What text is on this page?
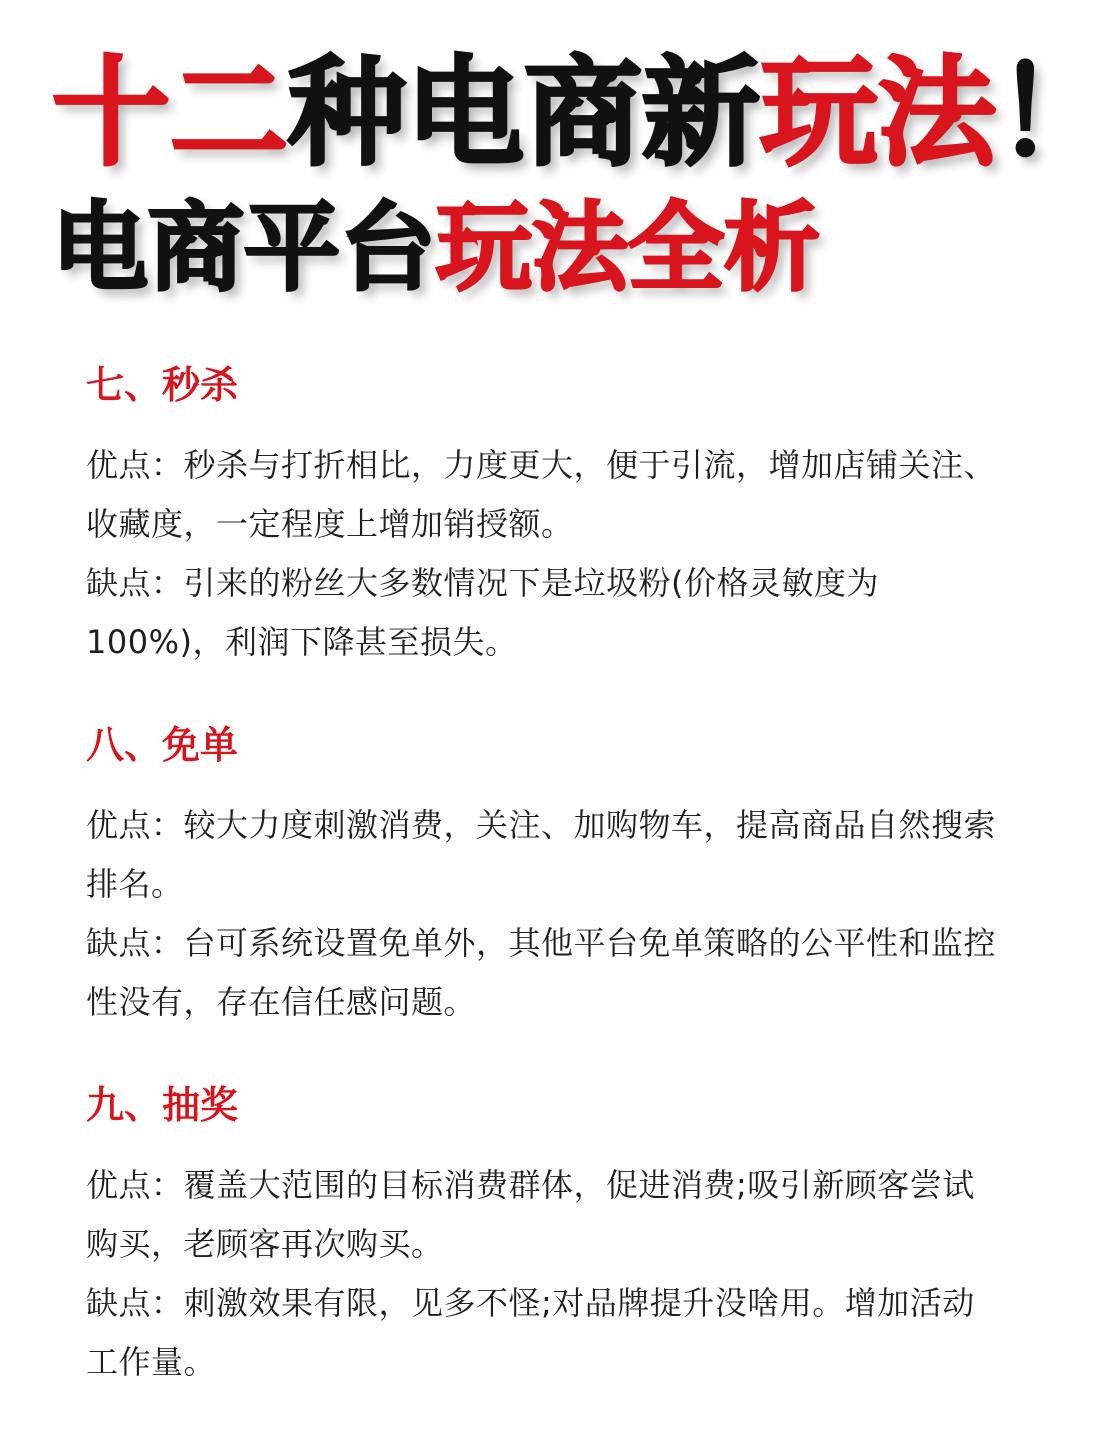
十二种电商新玩法！
电商平台玩法全析
七、秒杀

优点：秒杀与打折相比，力度更大，便于引流，增加店铺关注、收藏度，一定程度上增加销授额。

缺点：引来的粉丝大多数情况下是垃圾粉(价格灵敏度为100%)，利润下降甚至损失。

八、免单

优点：较大力度刺激消费，关注、加购物车，提高商品自然搜索排名。

缺点：台可系统设置免单外，其他平台免单策略的公平性和监控性没有，存在信任感问题。

九、抽奖

优点：覆盖大范围的目标消费群体，促进消费;吸引新顾客尝试购买，老顾客再次购买。

缺点：刺激效果有限，见多不怪;对品牌提升没啥用。增加活动工作量。
